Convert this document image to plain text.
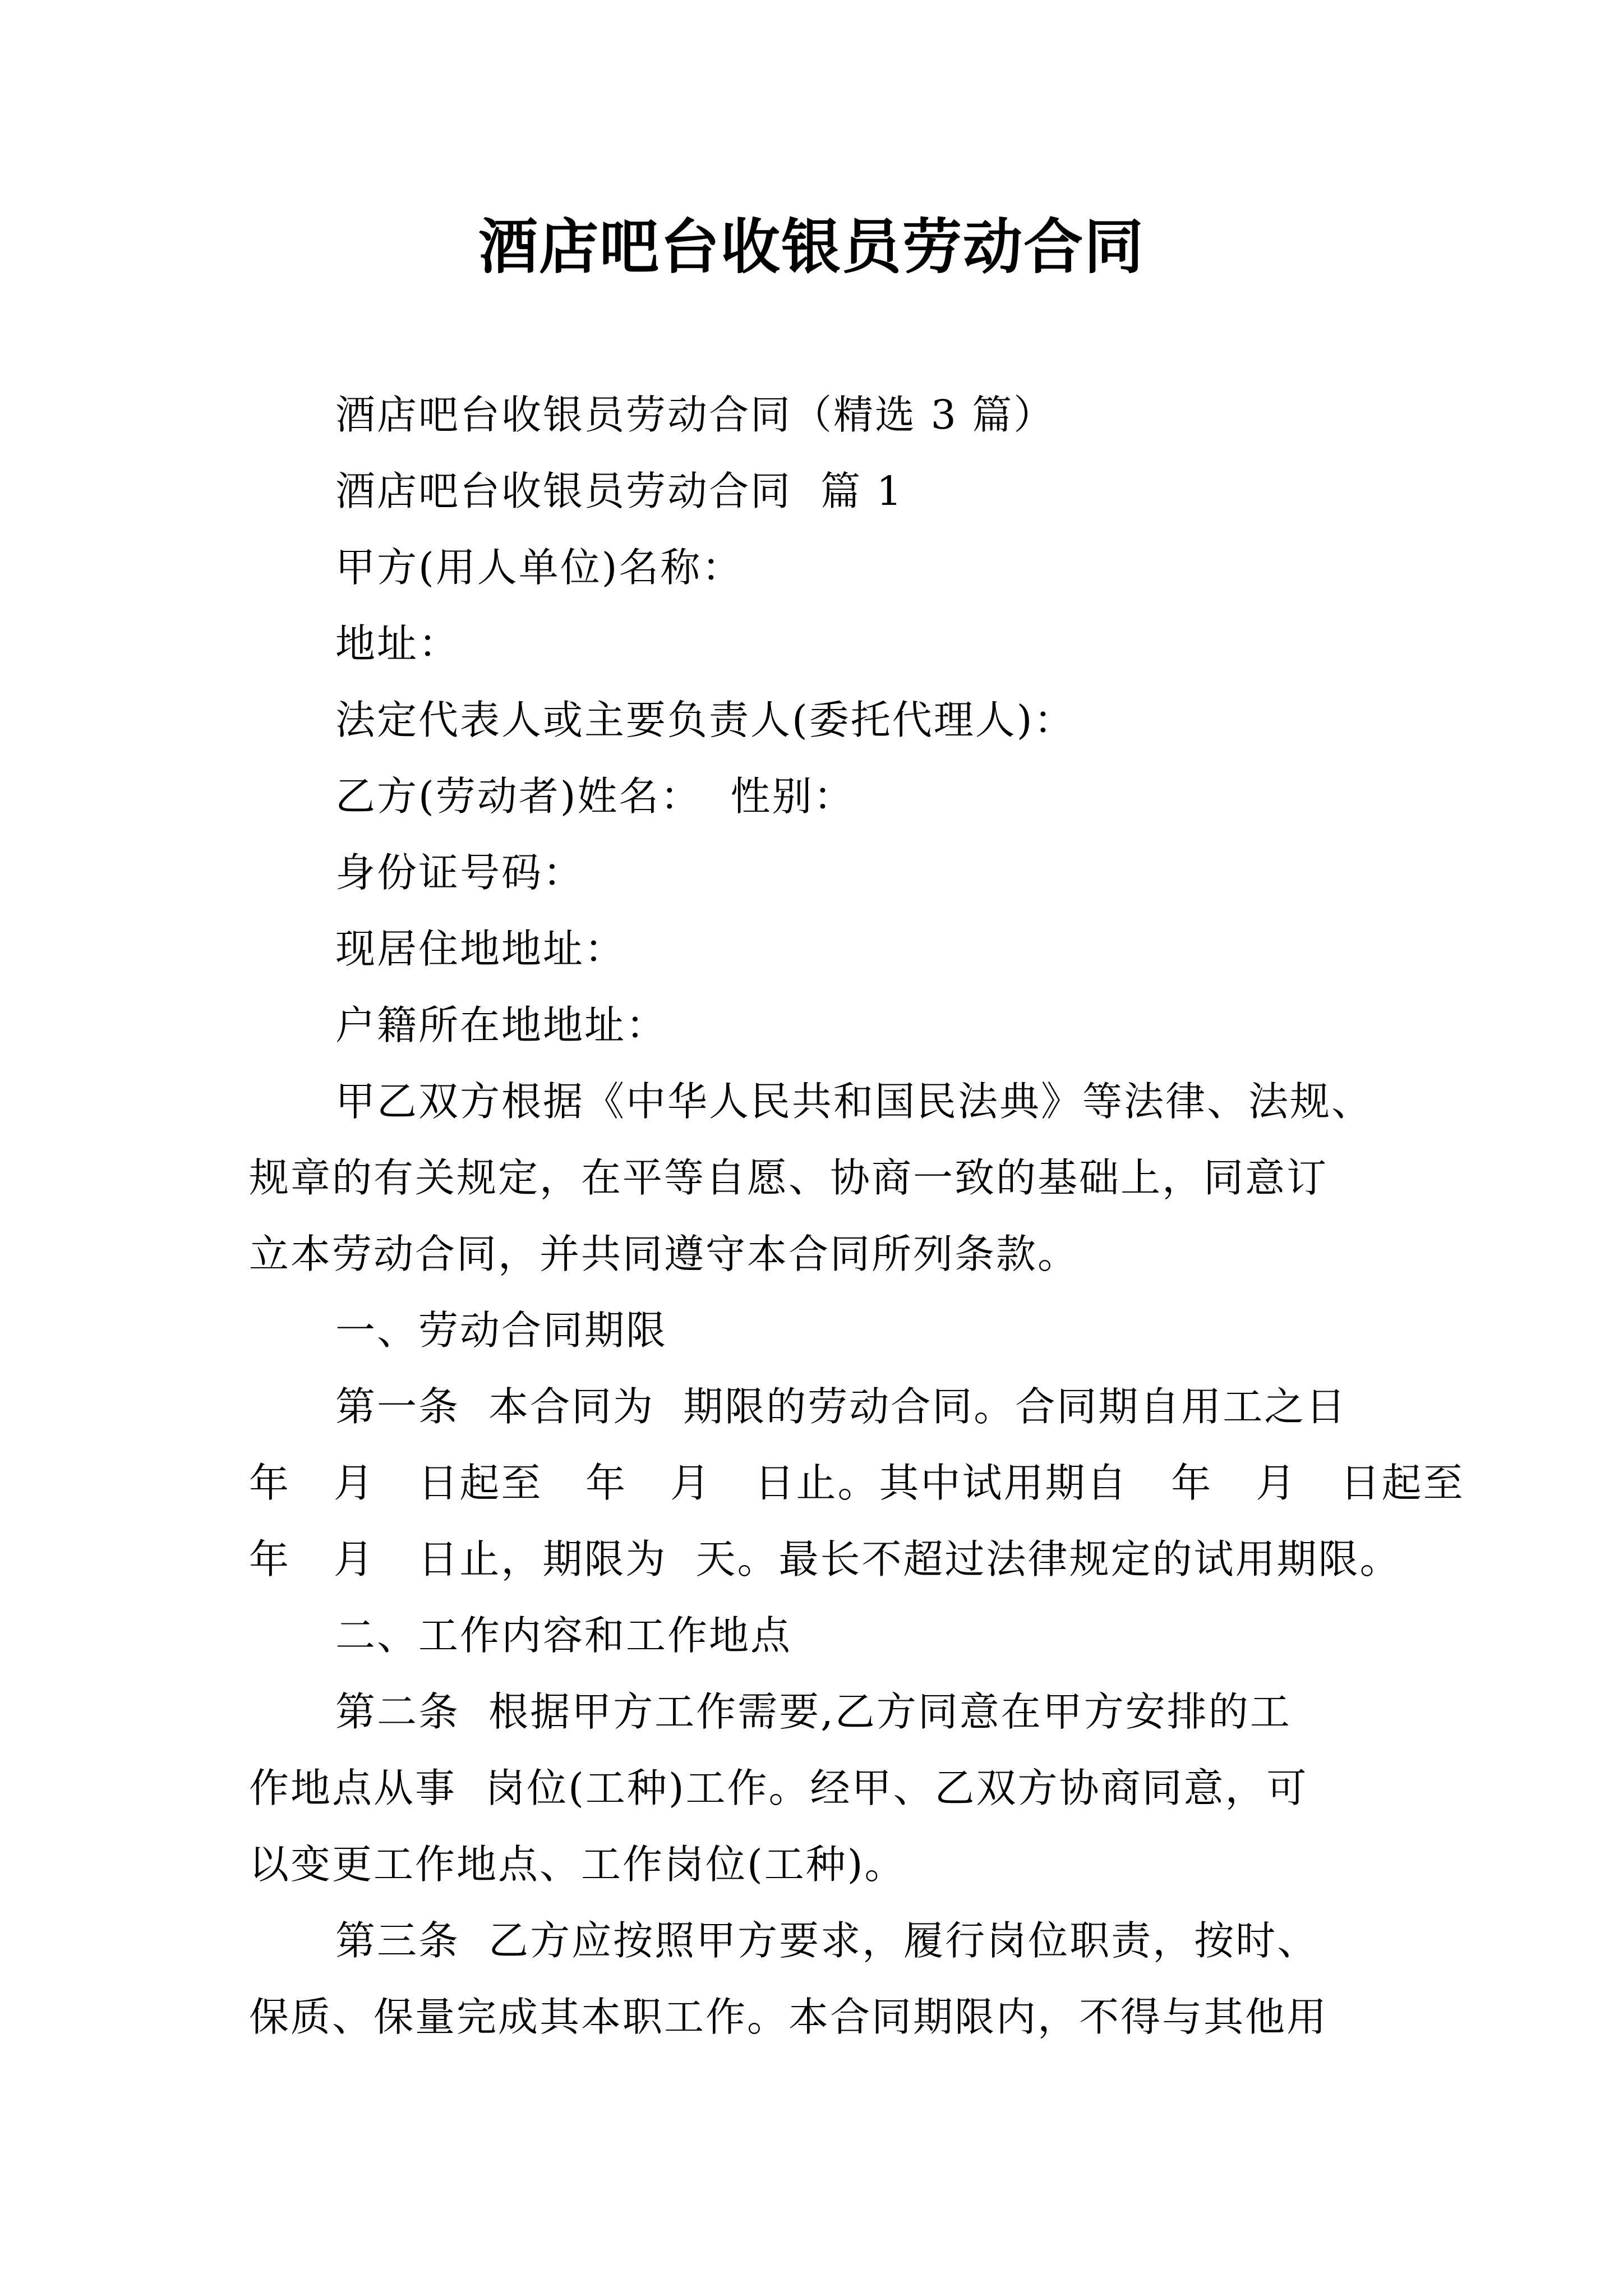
酒店吧台收银员劳动合同
酒店吧台收银员劳动合同（精选 3 篇）
酒店吧台收银员劳动合同  篇 1
甲方(用人单位)名称：
地址：
法定代表人或主要负责人(委托代理人)：
乙方(劳动者)姓名：  性别：
身份证号码：
现居住地地址：
户籍所在地地址：
甲乙双方根据《中华人民共和国民法典》等法律、法规、
规章的有关规定，在平等自愿、协商一致的基础上，同意订
立本劳动合同，并共同遵守本合同所列条款。
一、劳动合同期限
第一条  本合同为  期限的劳动合同。合同期自用工之日
年   月   日起至   年   月   日止。其中试用期自   年   月   日起至
年   月   日止，期限为  天。最长不超过法律规定的试用期限。
二、工作内容和工作地点
第二条  根据甲方工作需要,乙方同意在甲方安排的工
作地点从事  岗位(工种)工作。经甲、乙双方协商同意，可
以变更工作地点、工作岗位(工种)。
第三条  乙方应按照甲方要求，履行岗位职责，按时、
保质、保量完成其本职工作。本合同期限内，不得与其他用
